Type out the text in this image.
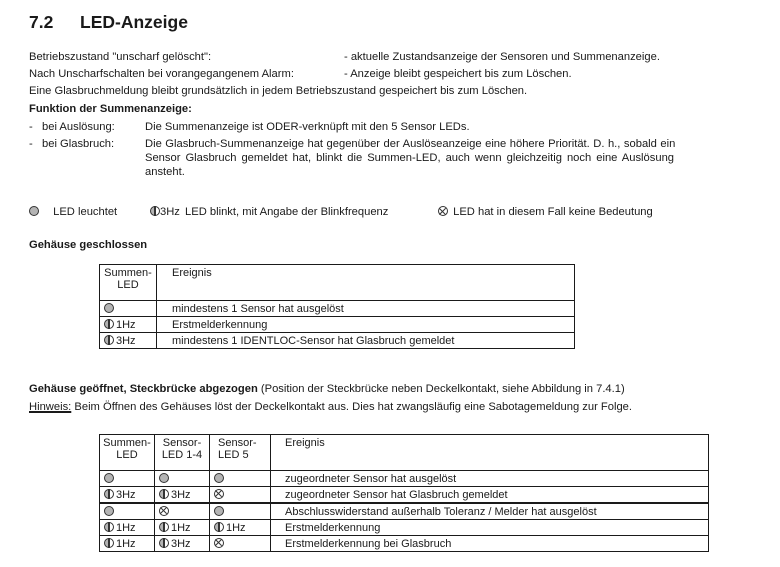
7.2 LED-Anzeige
Betriebszustand "unscharf gelöscht":	- aktuelle Zustandsanzeige der Sensoren und Summenanzeige.
Nach Unscharfschalten bei vorangegangenem Alarm:	- Anzeige bleibt gespeichert bis zum Löschen.
Eine Glasbruchmeldung bleibt grundsätzlich in jedem Betriebszustand gespeichert bis zum Löschen.
Funktion der Summenanzeige:
- bei Auslösung:	Die Summenanzeige ist ODER-verknüpft mit den 5 Sensor LEDs.
- bei Glasbruch:	Die Glasbruch-Summenanzeige hat gegenüber der Auslöseanzeige eine höhere Priorität. D. h., sobald ein
Sensor Glasbruch gemeldet hat, blinkt die Summen-LED, auch wenn gleichzeitig noch eine Auslösung
ansteht.
LED leuchtet	3Hz LED blinkt, mit Angabe der Blinkfrequenz	LED hat in diesem Fall keine Bedeutung
Gehäuse geschlossen
Summen-
LED	Ereignis
	mindestens 1 Sensor hat ausgelöst
1Hz	Erstmelderkennung
3Hz	mindestens 1 IDENTLOC-Sensor hat Glasbruch gemeldet
Gehäuse geöffnet, Steckbrücke abgezogen (Position der Steckbrücke neben Deckelkontakt, siehe Abbildung in 7.4.1)
Hinweis: Beim Öffnen des Gehäuses löst der Deckelkontakt aus. Dies hat zwangsläufig eine Sabotagemeldung zur Folge.
Summen-
LED	Sensor-
LED 1-4	Sensor-
LED 5	Ereignis
			zugeordneter Sensor hat ausgelöst
3Hz	3Hz		zugeordneter Sensor hat Glasbruch gemeldet
			Abschlusswiderstand außerhalb Toleranz / Melder hat ausgelöst
1Hz	1Hz	1Hz	Erstmelderkennung
1Hz	3Hz		Erstmelderkennung bei Glasbruch
